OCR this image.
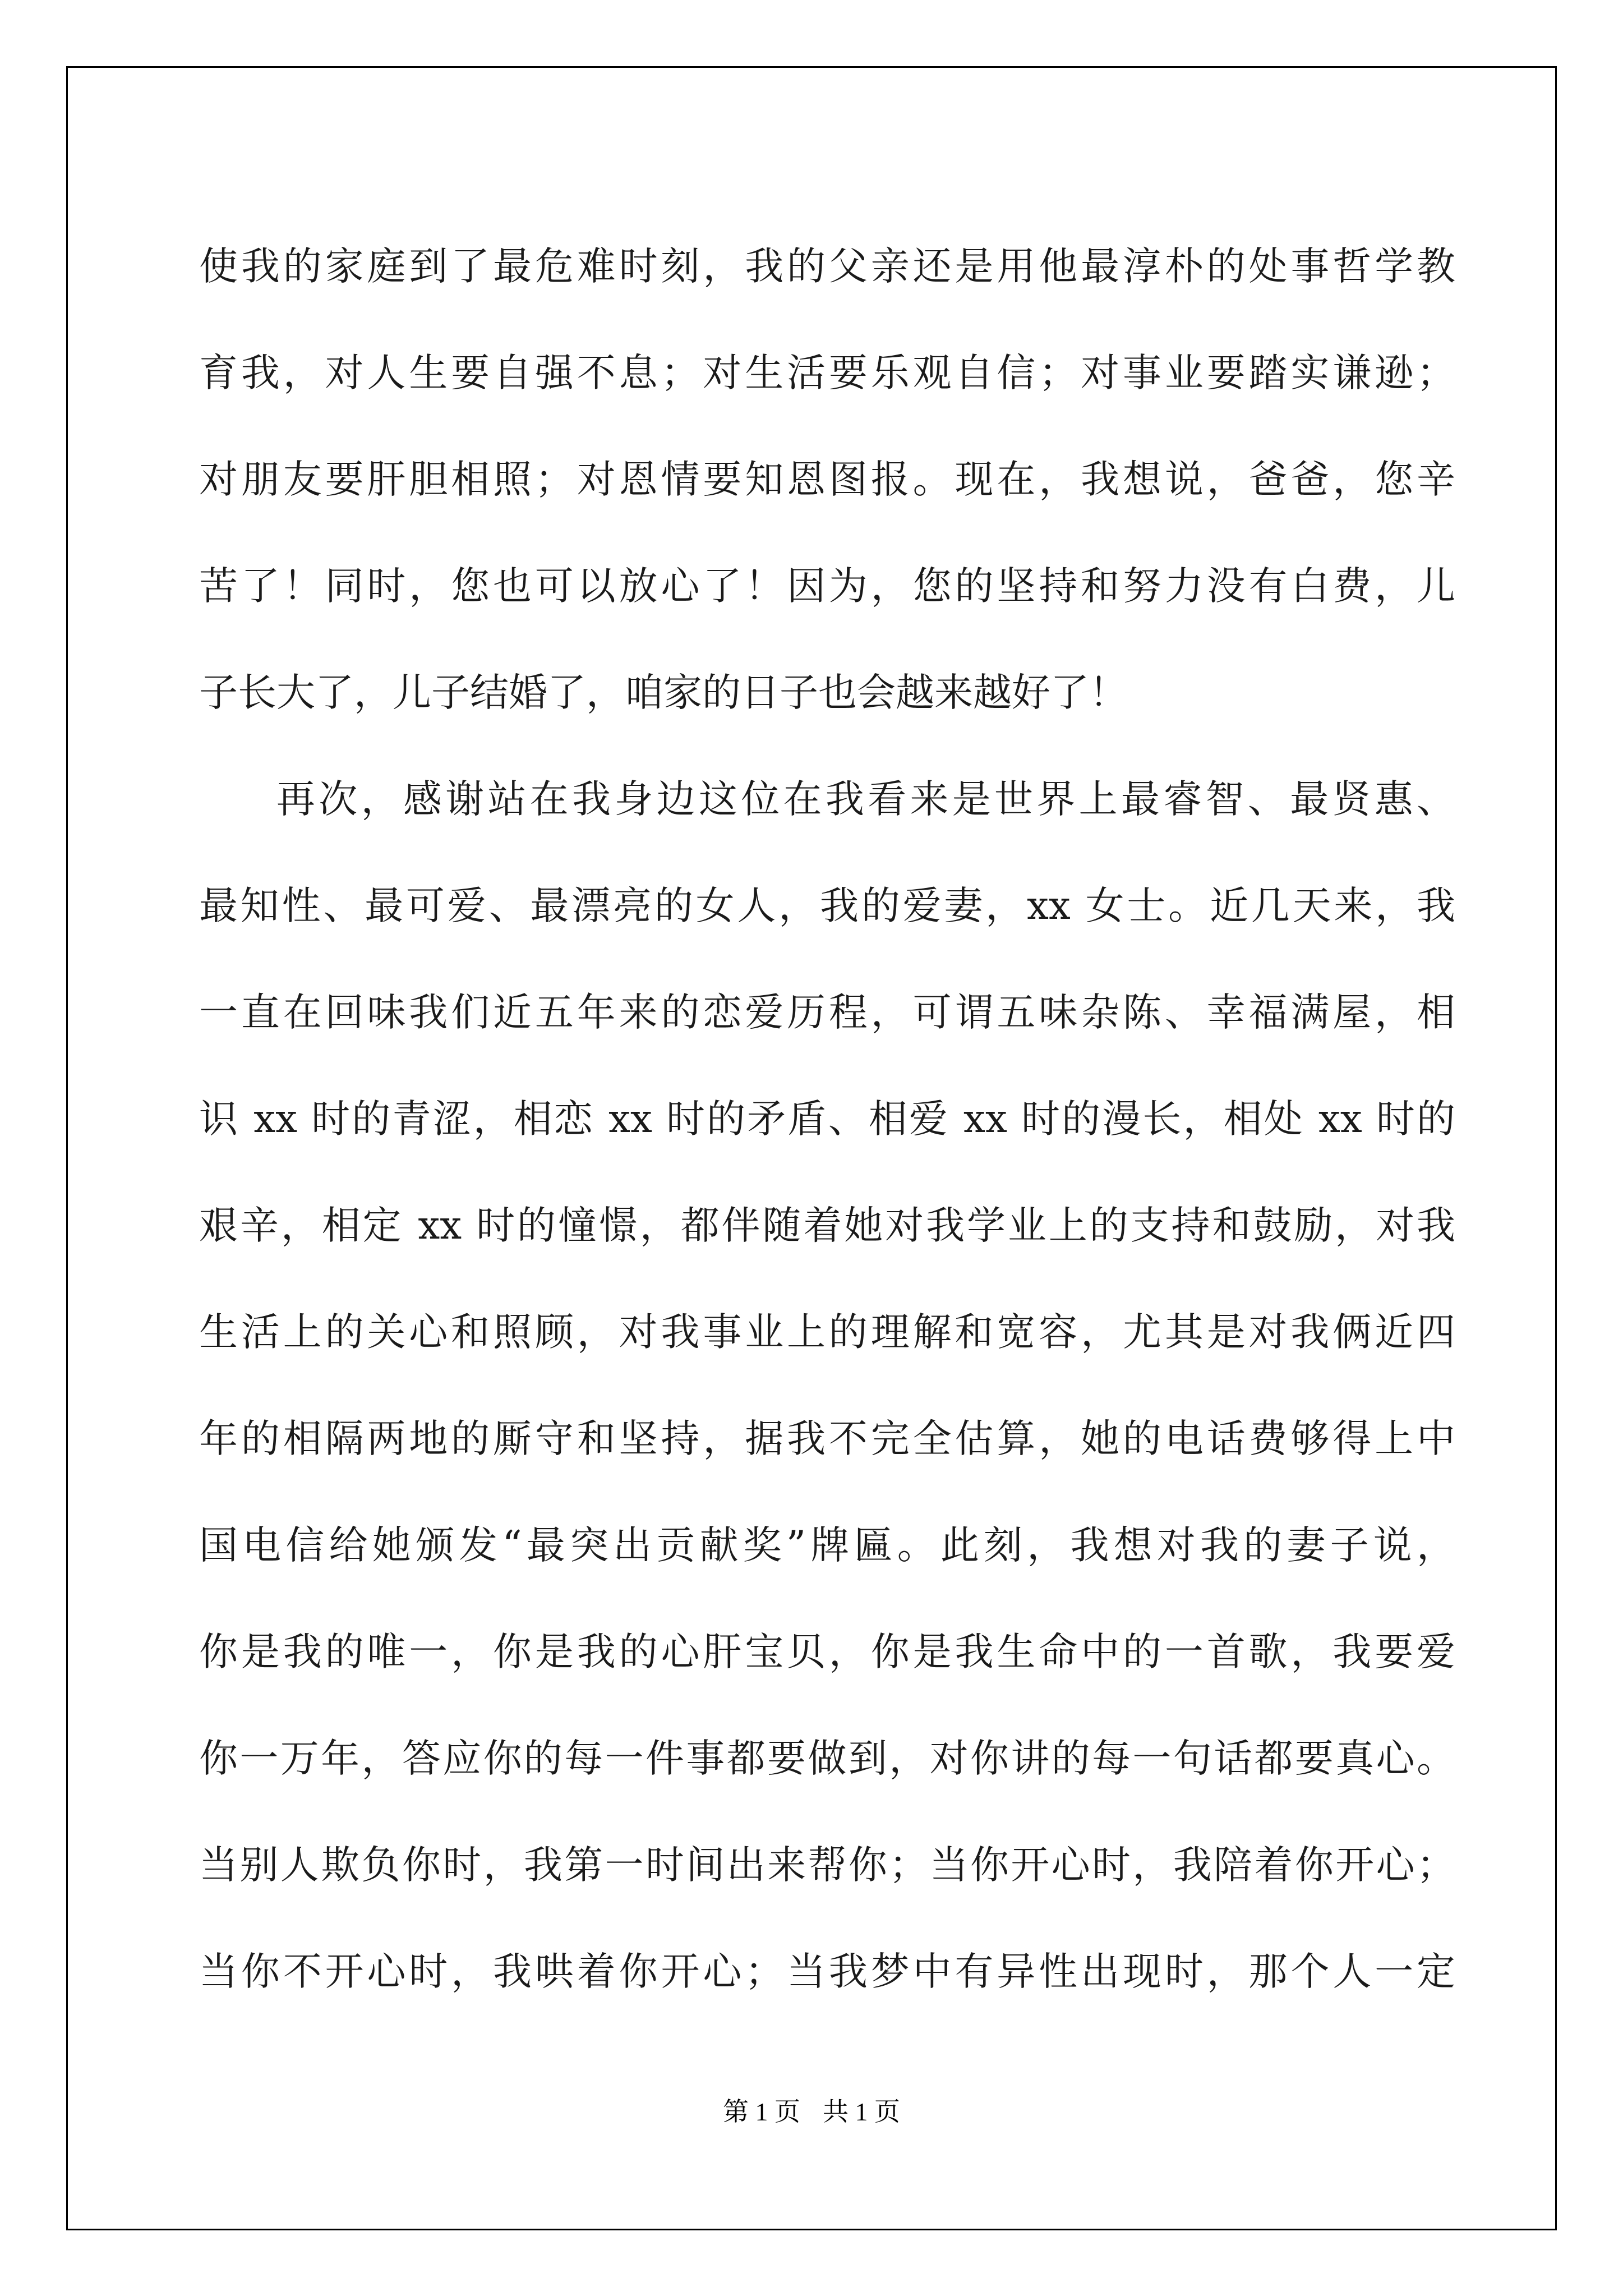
使我的家庭到了最危难时刻，我的父亲还是用他最淳朴的处事哲学教
育我，对人生要自强不息；对生活要乐观自信；对事业要踏实谦逊；
对朋友要肝胆相照；对恩情要知恩图报。现在，我想说，爸爸，您辛
苦了！同时，您也可以放心了！因为，您的坚持和努力没有白费，儿
子长大了，儿子结婚了，咱家的日子也会越来越好了！
再次，感谢站在我身边这位在我看来是世界上最睿智、最贤惠、
最知性、最可爱、最漂亮的女人，我的爱妻，xx 女士。近几天来，我
一直在回味我们近五年来的恋爱历程，可谓五味杂陈、幸福满屋，相
识 xx 时的青涩，相恋 xx 时的矛盾、相爱 xx 时的漫长，相处 xx 时的
艰辛，相定 xx 时的憧憬，都伴随着她对我学业上的支持和鼓励，对我
生活上的关心和照顾，对我事业上的理解和宽容，尤其是对我俩近四
年的相隔两地的厮守和坚持，据我不完全估算，她的电话费够得上中
国电信给她颁发“最突出贡献奖”牌匾。此刻，我想对我的妻子说，
你是我的唯一，你是我的心肝宝贝，你是我生命中的一首歌，我要爱
你一万年，答应你的每一件事都要做到，对你讲的每一句话都要真心。
当别人欺负你时，我第一时间出来帮你；当你开心时，我陪着你开心；
当你不开心时，我哄着你开心；当我梦中有异性出现时，那个人一定
第 1 页 共 1 页
